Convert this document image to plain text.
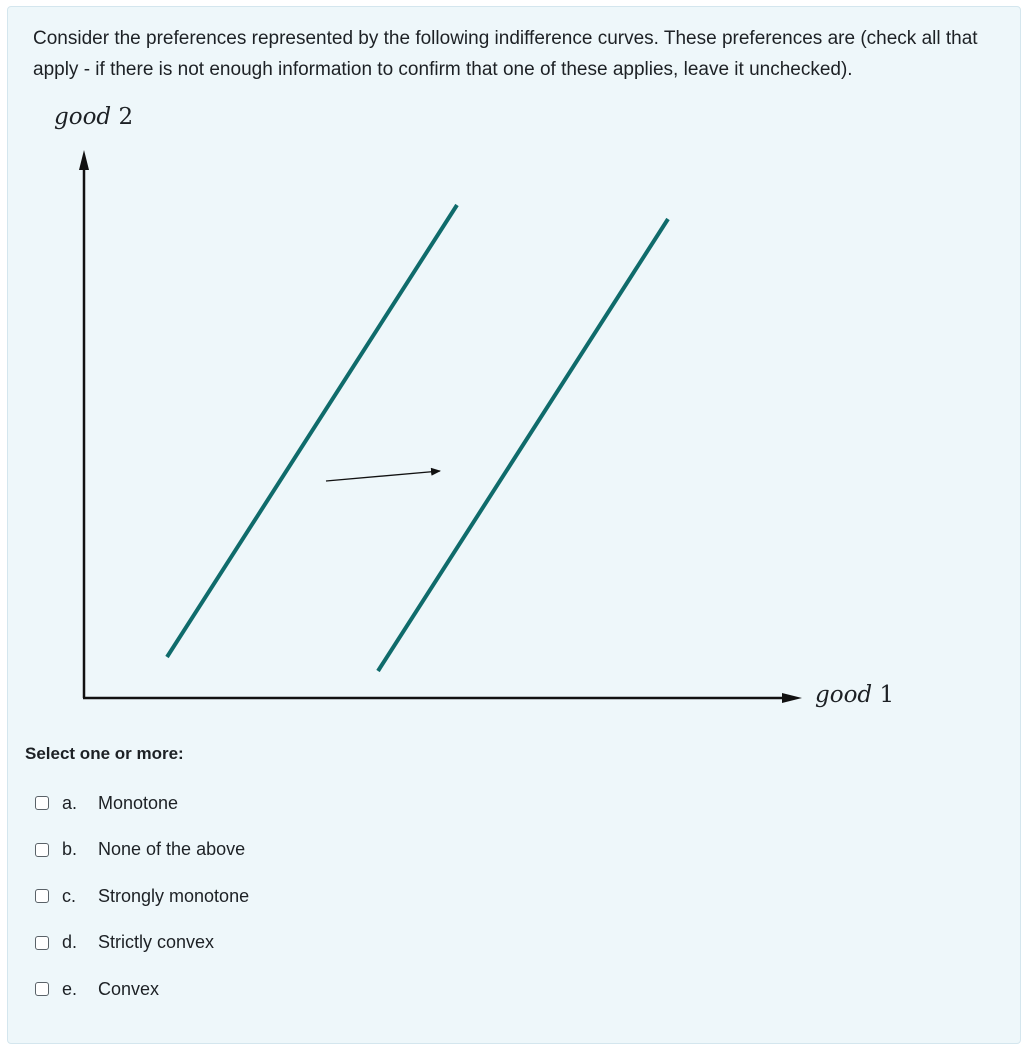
Consider the preferences represented by the following indifference curves. These preferences are (check all that apply - if there is not enough information to confirm that one of these applies, leave it unchecked).

good 2
good 1
Select one or more:
a.	Monotone
b.	None of the above
c.	Strongly monotone
d.	Strictly convex
e.	Convex
